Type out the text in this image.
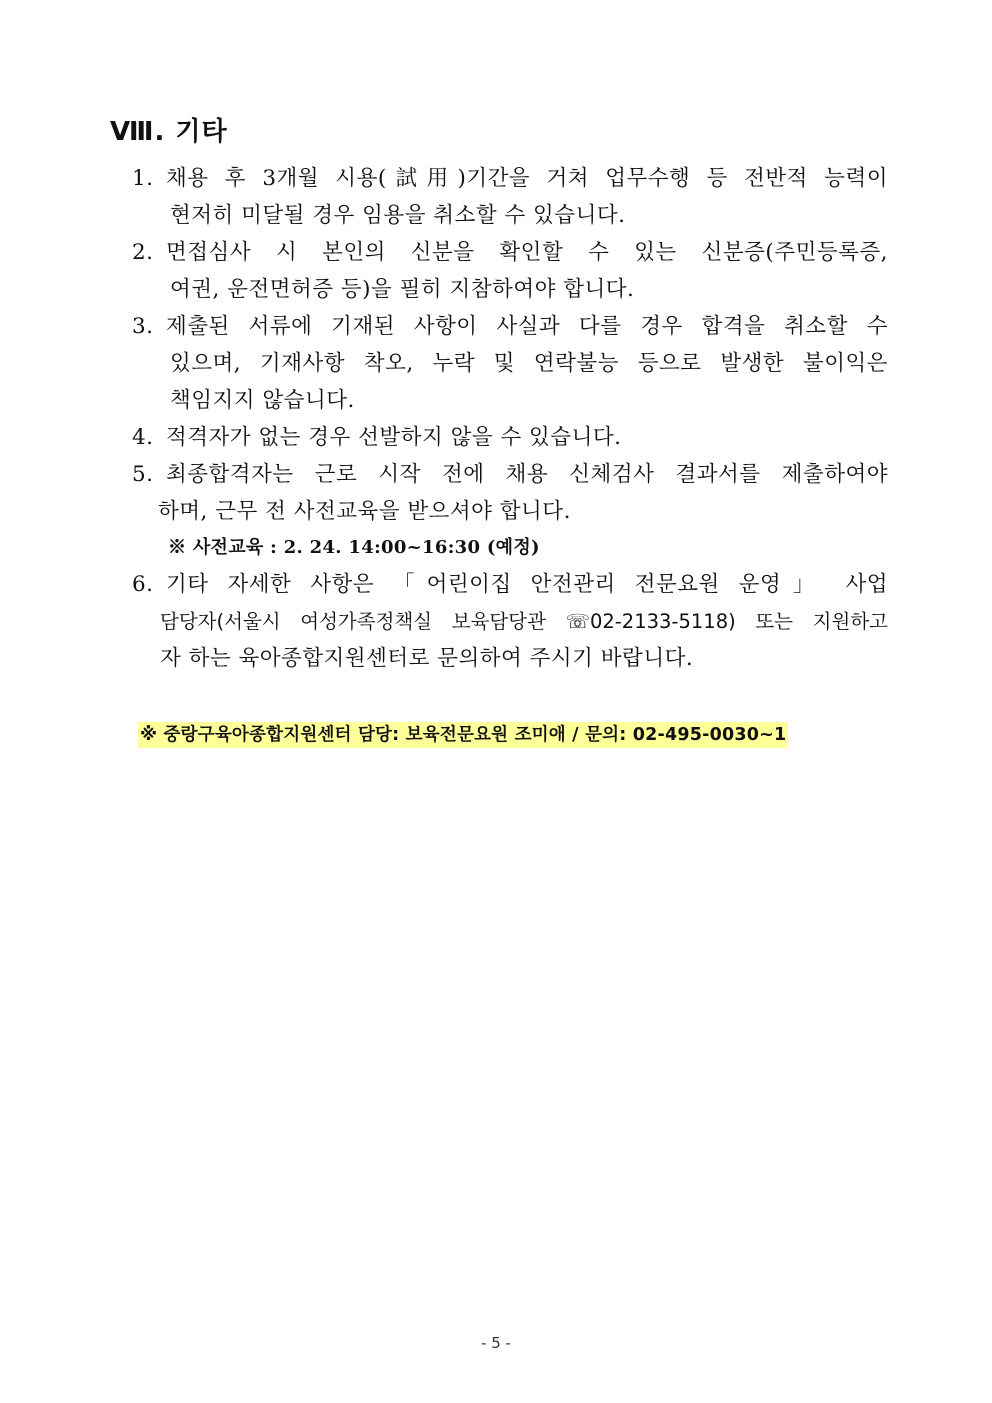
Ⅷ. 기타
1. 채용 후 3개월 시용(試用)기간을 거쳐 업무수행 등 전반적 능력이
현저히 미달될 경우 임용을 취소할 수 있습니다.
2. 면접심사 시 본인의 신분을 확인할 수 있는 신분증(주민등록증,
여권, 운전면허증 등)을 필히 지참하여야 합니다.
3. 제출된 서류에 기재된 사항이 사실과 다를 경우 합격을 취소할 수
있으며, 기재사항 착오, 누락 및 연락불능 등으로 발생한 불이익은
책임지지 않습니다.
4. 적격자가 없는 경우 선발하지 않을 수 있습니다.
5. 최종합격자는 근로 시작 전에 채용 신체검사 결과서를 제출하여야
하며, 근무 전 사전교육을 받으셔야 합니다.
※ 사전교육 : 2. 24. 14:00~16:30 (예정)
6. 기타 자세한 사항은 「어린이집 안전관리 전문요원 운영」 사업
담당자(서울시 여성가족정책실 보육담당관 ☏02-2133-5118) 또는 지원하고
자 하는 육아종합지원센터로 문의하여 주시기 바랍니다.
※ 중랑구육아종합지원센터 담당: 보육전문요원 조미애 / 문의: 02-495-0030~1
- 5 -
